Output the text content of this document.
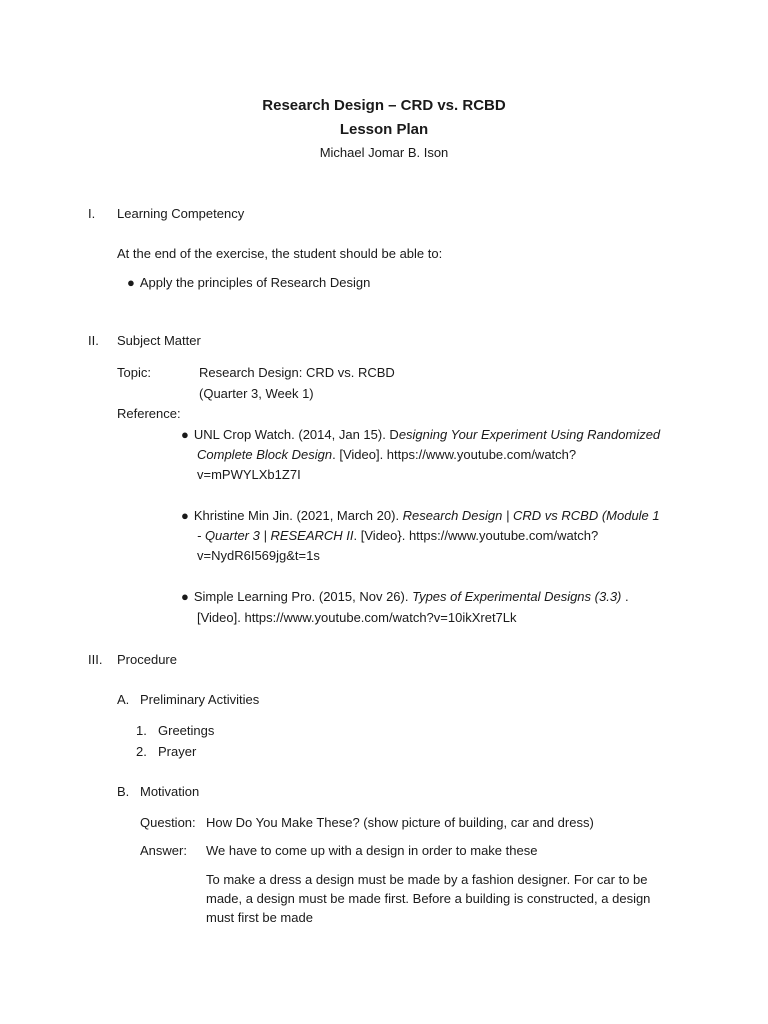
Research Design – CRD vs. RCBD
Lesson Plan
Michael Jomar B. Ison
I. Learning Competency
At the end of the exercise, the student should be able to:
● Apply the principles of Research Design
II. Subject Matter
Topic:	Research Design: CRD vs. RCBD
(Quarter 3, Week 1)
Reference:
● UNL Crop Watch. (2014, Jan 15). Designing Your Experiment Using Randomized
Complete Block Design. [Video]. https://www.youtube.com/watch?
v=mPWYLXb1Z7I
● Khristine Min Jin. (2021, March 20). Research Design | CRD vs RCBD (Module 1
- Quarter 3 | RESEARCH II. [Video}. https://www.youtube.com/watch?
v=NydR6I569jg&t=1s
● Simple Learning Pro. (2015, Nov 26). Types of Experimental Designs (3.3) .
[Video]. https://www.youtube.com/watch?v=10ikXret7Lk
III. Procedure
A. Preliminary Activities
1. Greetings
2. Prayer
B. Motivation
Question: How Do You Make These? (show picture of building, car and dress)
Answer: We have to come up with a design in order to make these
To make a dress a design must be made by a fashion designer. For car to be
made, a design must be made first. Before a building is constructed, a design
must first be made
